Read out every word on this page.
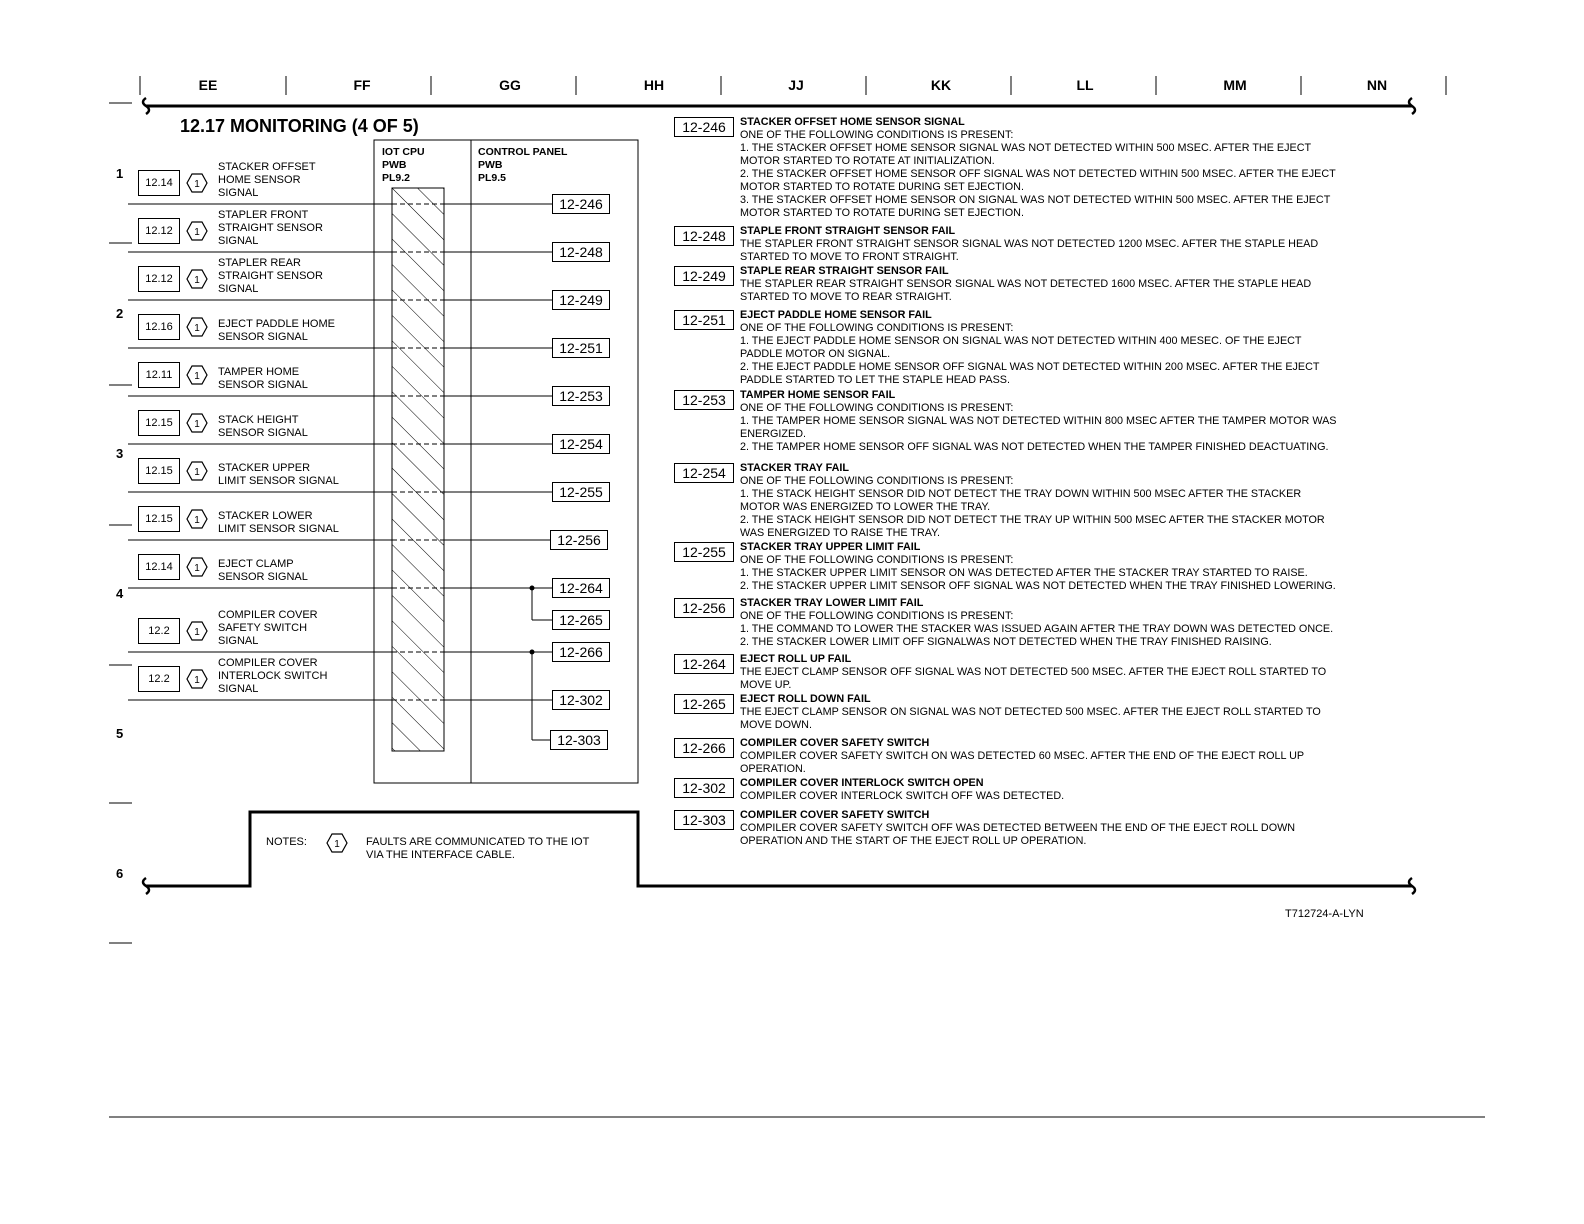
EE	FF	GG	HH	JJ	KK	LL	MM	NN
1
2
3
4
5
6
12.17 MONITORING (4 OF 5)
IOT CPU
PWB
PL9.2
CONTROL PANEL
PWB
PL9.5
12.14	1
STACKER OFFSET
HOME SENSOR
SIGNAL
12.12	1
STAPLER FRONT
STRAIGHT SENSOR
SIGNAL
12.12	1
STAPLER REAR
STRAIGHT SENSOR
SIGNAL
12.16	1 EJECT PADDLE HOME
SENSOR SIGNAL
12.11	1 TAMPER HOME
SENSOR SIGNAL
12.15	1 STACK HEIGHT
SENSOR SIGNAL
12.15	1 STACKER UPPER
LIMIT SENSOR SIGNAL
12.15	1 STACKER LOWER
LIMIT SENSOR SIGNAL
12.14	1 EJECT CLAMP
SENSOR SIGNAL
12.2	1
COMPILER COVER
SAFETY SWITCH
SIGNAL
12.2	1
COMPILER COVER
INTERLOCK SWITCH
SIGNAL
12-246
12-248
12-249
12-251
12-253
12-254
12-255
12-256
12-264
12-265
12-266
12-302
12-303
12-246	STACKER OFFSET HOME SENSOR SIGNAL
ONE OF THE FOLLOWING CONDITIONS IS PRESENT:
1. THE STACKER OFFSET HOME SENSOR SIGNAL WAS NOT DETECTED WITHIN 500 MSEC. AFTER THE EJECT
MOTOR STARTED TO ROTATE AT INITIALIZATION.
2. THE STACKER OFFSET HOME SENSOR OFF SIGNAL WAS NOT DETECTED WITHIN 500 MSEC. AFTER THE EJECT
MOTOR STARTED TO ROTATE DURING SET EJECTION.
3. THE STACKER OFFSET HOME SENSOR ON SIGNAL WAS NOT DETECTED WITHIN 500 MSEC. AFTER THE EJECT
MOTOR STARTED TO ROTATE DURING SET EJECTION.
12-248	STAPLE FRONT STRAIGHT SENSOR FAIL
THE STAPLER FRONT STRAIGHT SENSOR SIGNAL WAS NOT DETECTED 1200 MSEC. AFTER THE STAPLE HEAD
STARTED TO MOVE TO FRONT STRAIGHT.
12-249	STAPLE REAR STRAIGHT SENSOR FAIL
THE STAPLER REAR STRAIGHT SENSOR SIGNAL WAS NOT DETECTED 1600 MSEC. AFTER THE STAPLE HEAD
STARTED TO MOVE TO REAR STRAIGHT.
12-251	EJECT PADDLE HOME SENSOR FAIL
ONE OF THE FOLLOWING CONDITIONS IS PRESENT:
1. THE EJECT PADDLE HOME SENSOR ON SIGNAL WAS NOT DETECTED WITHIN 400 MESEC. OF THE EJECT
PADDLE MOTOR ON SIGNAL.
2. THE EJECT PADDLE HOME SENSOR OFF SIGNAL WAS NOT DETECTED WITHIN 200 MSEC. AFTER THE EJECT
PADDLE STARTED TO LET THE STAPLE HEAD PASS.
12-253	TAMPER HOME SENSOR FAIL
ONE OF THE FOLLOWING CONDITIONS IS PRESENT:
1. THE TAMPER HOME SENSOR SIGNAL WAS NOT DETECTED WITHIN 800 MSEC AFTER THE TAMPER MOTOR WAS
ENERGIZED.
2. THE TAMPER HOME SENSOR OFF SIGNAL WAS NOT DETECTED WHEN THE TAMPER FINISHED DEACTUATING.
12-254	STACKER TRAY FAIL
ONE OF THE FOLLOWING CONDITIONS IS PRESENT:
1. THE STACK HEIGHT SENSOR DID NOT DETECT THE TRAY DOWN WITHIN 500 MSEC AFTER THE STACKER
MOTOR WAS ENERGIZED TO LOWER THE TRAY.
2. THE STACK HEIGHT SENSOR DID NOT DETECT THE TRAY UP WITHIN 500 MSEC AFTER THE STACKER MOTOR
WAS ENERGIZED TO RAISE THE TRAY.
12-255	STACKER TRAY UPPER LIMIT FAIL
ONE OF THE FOLLOWING CONDITIONS IS PRESENT:
1. THE STACKER UPPER LIMIT SENSOR ON WAS DETECTED AFTER THE STACKER TRAY STARTED TO RAISE.
2. THE STACKER UPPER LIMIT SENSOR OFF SIGNAL WAS NOT DETECTED WHEN THE TRAY FINISHED LOWERING.
12-256	STACKER TRAY LOWER LIMIT FAIL
ONE OF THE FOLLOWING CONDITIONS IS PRESENT:
1. THE COMMAND TO LOWER THE STACKER WAS ISSUED AGAIN AFTER THE TRAY DOWN WAS DETECTED ONCE.
2. THE STACKER LOWER LIMIT OFF SIGNALWAS NOT DETECTED WHEN THE TRAY FINISHED RAISING.
12-264	EJECT ROLL UP FAIL
THE EJECT CLAMP SENSOR OFF SIGNAL WAS NOT DETECTED 500 MSEC. AFTER THE EJECT ROLL STARTED TO
MOVE UP.
12-265	EJECT ROLL DOWN FAIL
THE EJECT CLAMP SENSOR ON SIGNAL WAS NOT DETECTED 500 MSEC. AFTER THE EJECT ROLL STARTED TO
MOVE DOWN.
12-266	COMPILER COVER SAFETY SWITCH
COMPILER COVER SAFETY SWITCH ON WAS DETECTED 60 MSEC. AFTER THE END OF THE EJECT ROLL UP
OPERATION.
12-302	COMPILER COVER INTERLOCK SWITCH OPEN
COMPILER COVER INTERLOCK SWITCH OFF WAS DETECTED.
12-303	COMPILER COVER SAFETY SWITCH
COMPILER COVER SAFETY SWITCH OFF WAS DETECTED BETWEEN THE END OF THE EJECT ROLL DOWN
OPERATION AND THE START OF THE EJECT ROLL UP OPERATION.
NOTES:	1 FAULTS ARE COMMUNICATED TO THE IOT
VIA THE INTERFACE CABLE.
T712724-A-LYN
